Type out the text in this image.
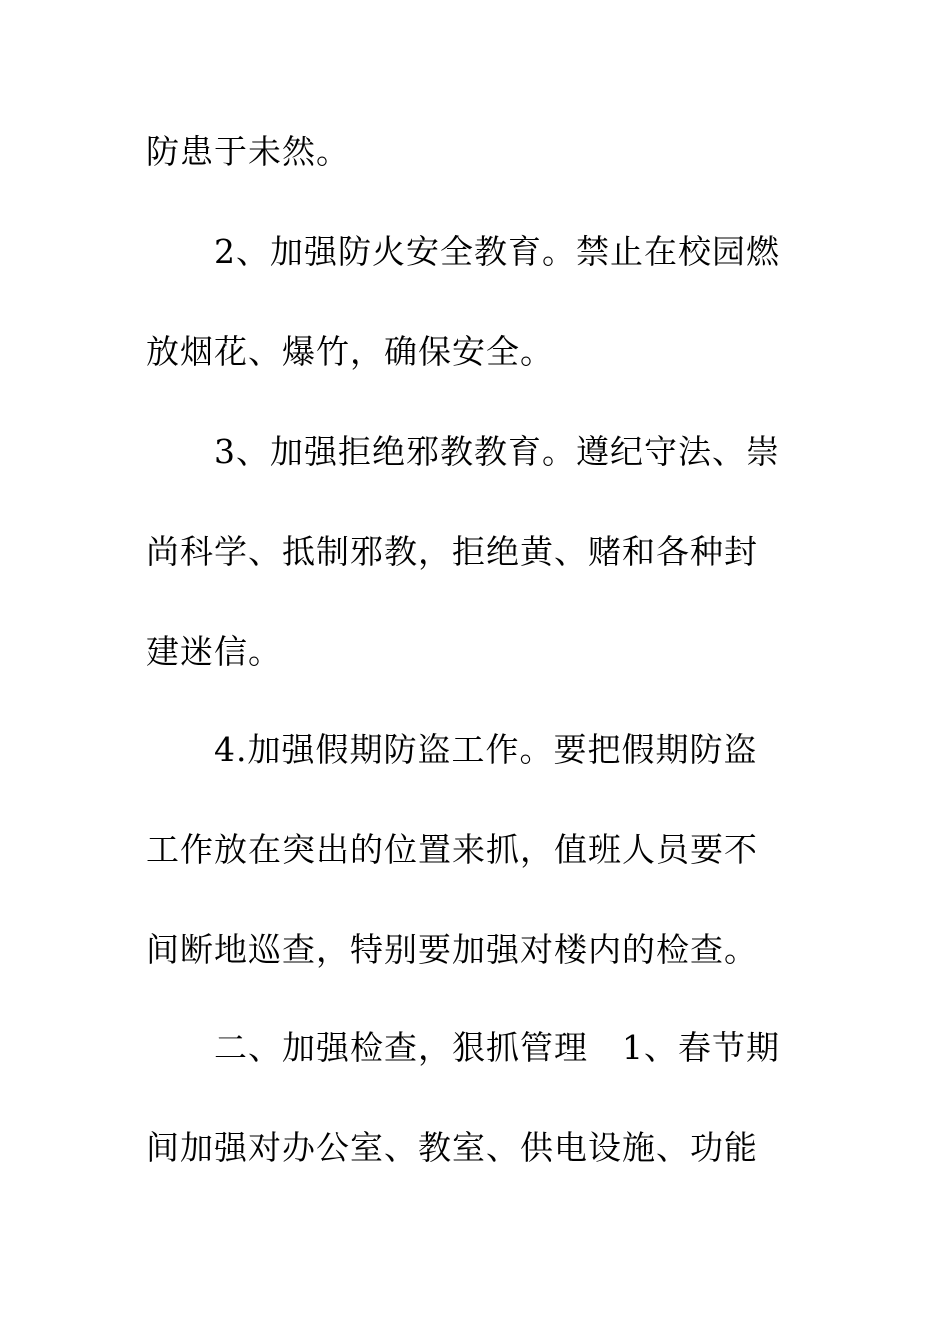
防患于未然。
2、加强防火安全教育。禁止在校园燃
放烟花、爆竹，确保安全。
3、加强拒绝邪教教育。遵纪守法、崇
尚科学、抵制邪教，拒绝黄、赌和各种封
建迷信。
4.加强假期防盗工作。要把假期防盗
工作放在突出的位置来抓，值班人员要不
间断地巡查，特别要加强对楼内的检查。
二、加强检查，狠抓管理　1、春节期
间加强对办公室、教室、供电设施、功能
